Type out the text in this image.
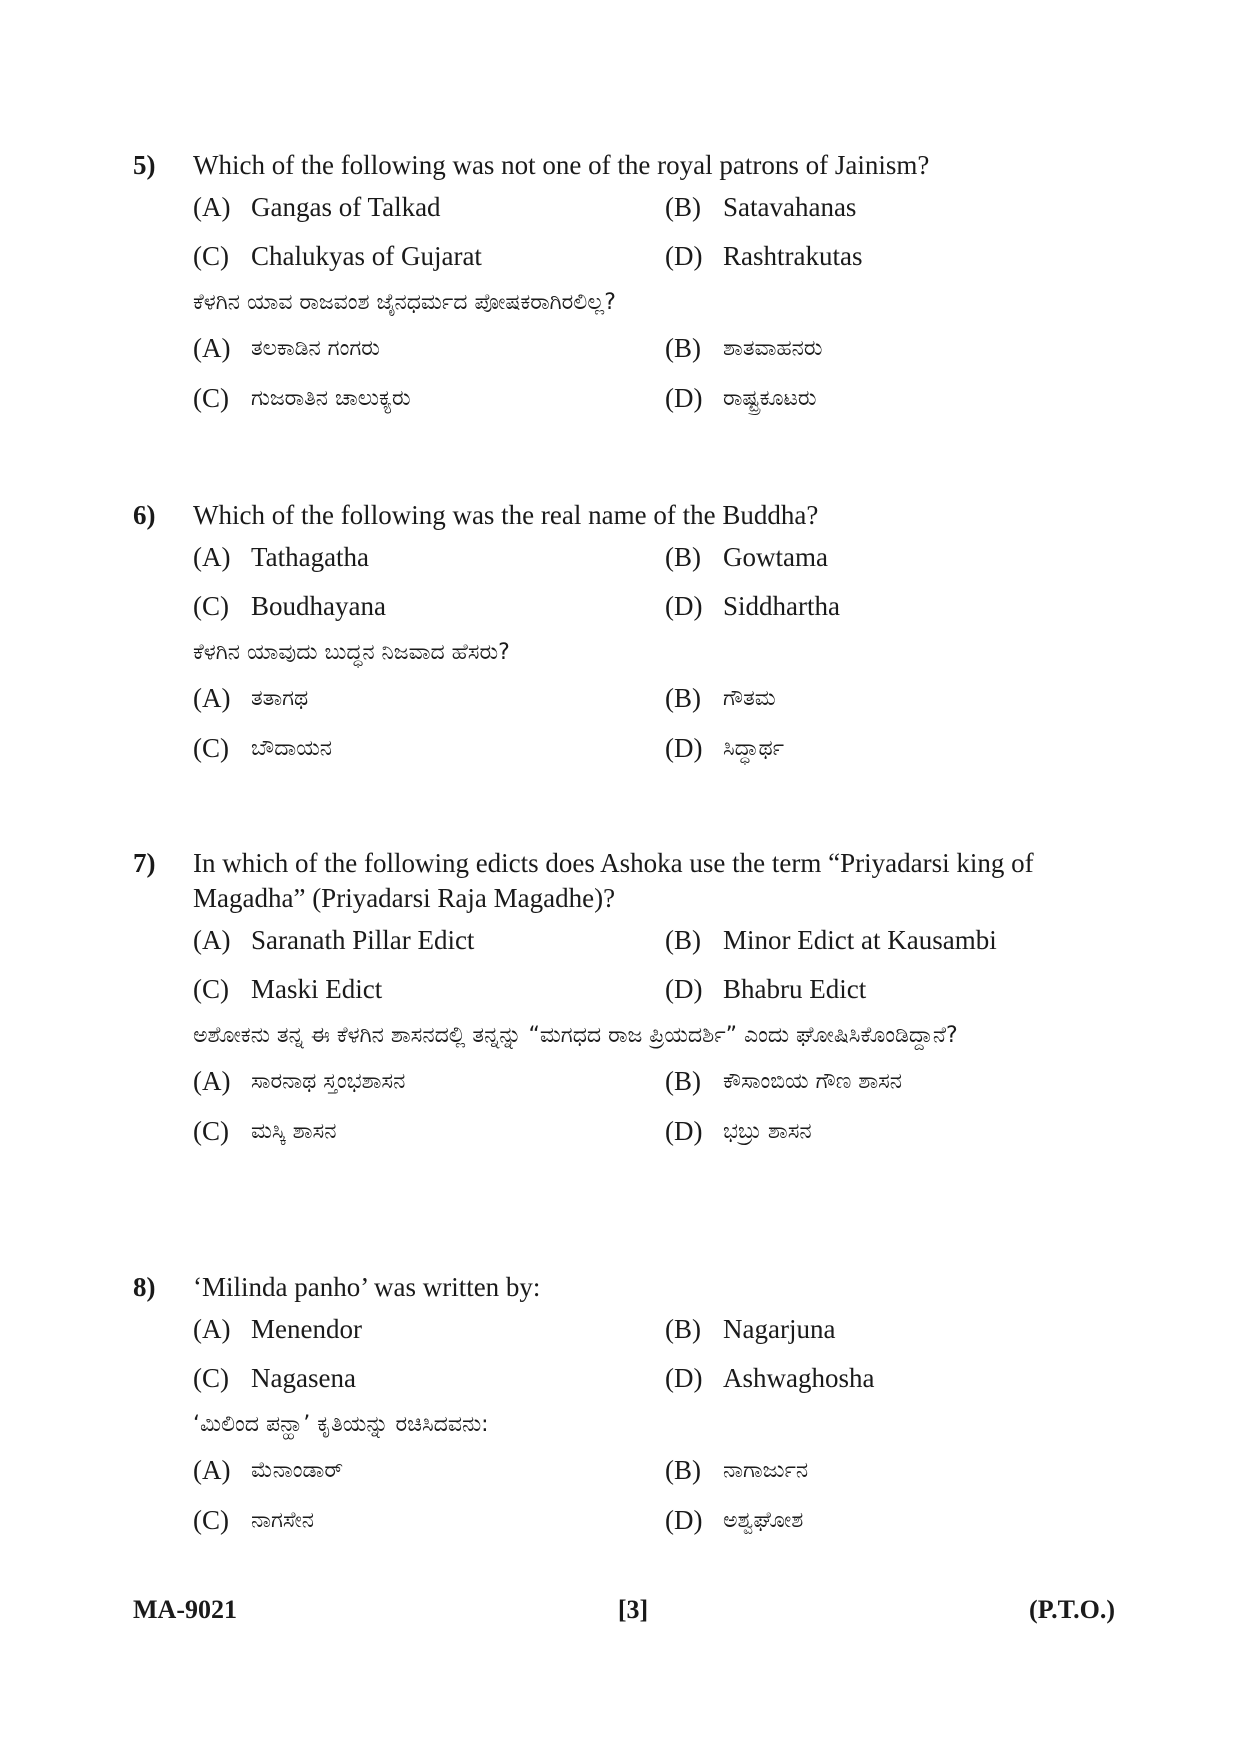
5)	Which of the following was not one of the royal patrons of Jainism?
(A) Gangas of Talkad	(B) Satavahanas
(C) Chalukyas of Gujarat	(D) Rashtrakutas
ಕೆಳಗಿನ ಯಾವ ರಾಜವಂಶ ಜೈನಧರ್ಮದ ಪೋಷಕರಾಗಿರಲಿಲ್ಲ?
(A) ತಲಕಾಡಿನ ಗಂಗರು	(B)	ಶಾತವಾಹನರು
(C)	ಗುಜರಾತಿನ ಚಾಲುಕ್ಯರು	(D) ರಾಷ್ಟ್ರಕೂಟರು
6)	Which of the following was the real name of the Buddha?
(A) Tathagatha	(B) Gowtama
(C) Boudhayana	(D) Siddhartha
ಕೆಳಗಿನ ಯಾವುದು ಬುದ್ಧನ ನಿಜವಾದ ಹೆಸರು?
(A) ತತಾಗಥ	(B)	ಗೌತಮ
(C)	ಬೌದಾಯನ	(D) ಸಿದ್ಧಾರ್ಥ
7)	In which of the following edicts does Ashoka use the term “Priyadarsi king of Magadha” (Priyadarsi Raja Magadhe)?
(A) Saranath Pillar Edict	(B) Minor Edict at Kausambi
(C) Maski Edict	(D) Bhabru Edict
ಅಶೋಕನು ತನ್ನ ಈ ಕೆಳಗಿನ ಶಾಸನದಲ್ಲಿ ತನ್ನನ್ನು “ಮಗಧದ ರಾಜ ಪ್ರಿಯದರ್ಶಿ” ಎಂದು ಘೋಷಿಸಿಕೊಂಡಿದ್ದಾನೆ?
(A) ಸಾರನಾಥ ಸ್ತಂಭಶಾಸನ	(B)	ಕೌಸಾಂಬಿಯ ಗೌಣ ಶಾಸನ
(C)	ಮಸ್ಕಿ ಶಾಸನ	(D) ಭಬ್ರು ಶಾಸನ
8)	‘Milinda panho’ was written by:
(A) Menendor	(B) Nagarjuna
(C) Nagasena	(D) Ashwaghosha
‘ಮಿಲಿಂದ ಪನ್ಹಾ’ ಕೃತಿಯನ್ನು ರಚಿಸಿದವನು:
(A) ಮೆನಾಂಡಾರ್	(B)	ನಾಗಾರ್ಜುನ
(C)	ನಾಗಸೇನ	(D) ಅಶ್ವಘೋಶ
MA-9021	[3]	(P.T.O.)
